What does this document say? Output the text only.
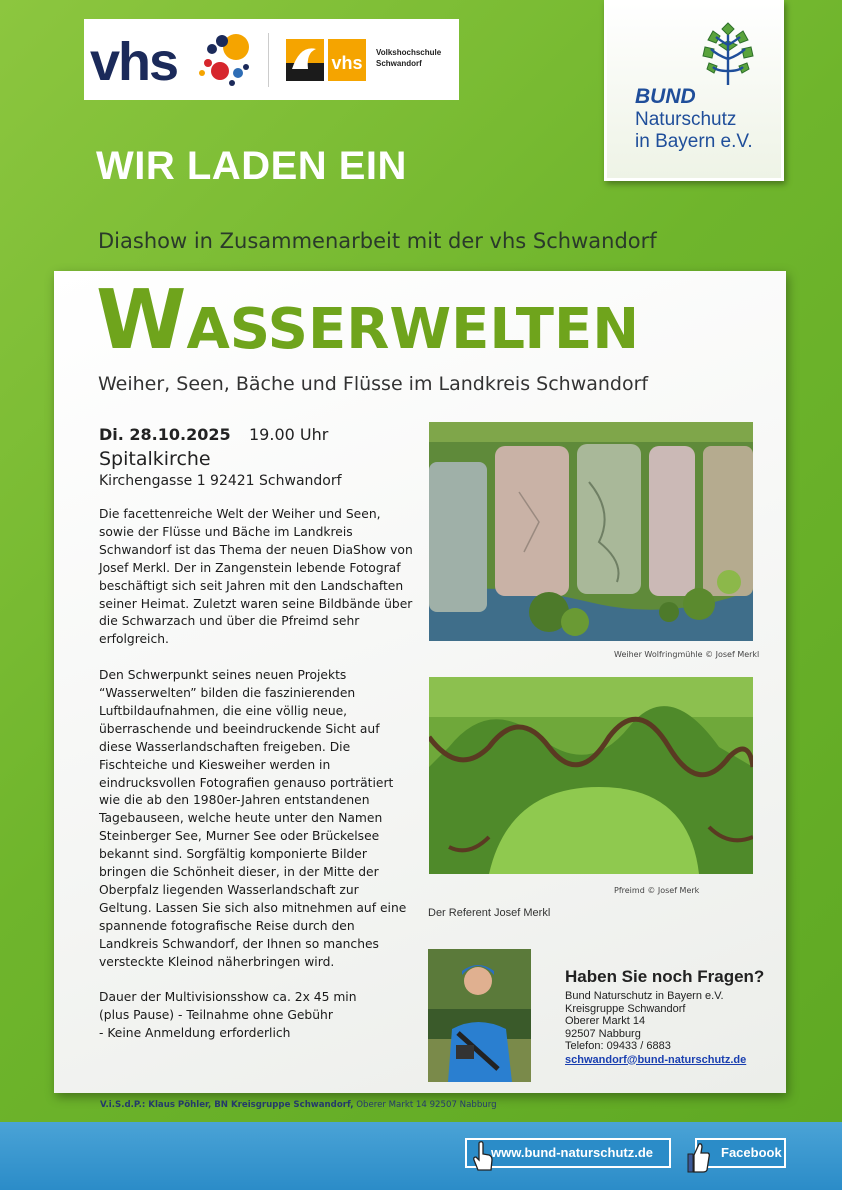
vhs	vhs
Volkshochschule
Schwandorf
BUND
Naturschutz
in Bayern e.V.
WIR LADEN EIN
Diashow in Zusammenarbeit mit der vhs Schwandorf
WASSERWELTEN
Weiher, Seen, Bäche und Flüsse im Landkreis Schwandorf
Di. 28.10.2025 19.00 Uhr
Spitalkirche
Kirchengasse 1 92421 Schwandorf

Die facettenreiche Welt der Weiher und Seen, sowie der Flüsse und Bäche im Landkreis Schwandorf ist das Thema der neuen DiaShow von Josef Merkl. Der in Zangenstein lebende Fotograf beschäftigt sich seit Jahren mit den Landschaften seiner Heimat. Zuletzt waren seine Bildbände über die Schwarzach und über die Pfreimd sehr erfolgreich.

Den Schwerpunkt seines neuen Projekts “Wasserwelten” bilden die faszinierenden Luftbildaufnahmen, die eine völlig neue, überraschende und beeindruckende Sicht auf diese Wasserlandschaften freigeben. Die Fischteiche und Kiesweiher werden in eindrucksvollen Fotografien genauso porträtiert wie die ab den 1980er-Jahren entstandenen Tagebauseen, welche heute unter den Namen Steinberger See, Murner See oder Brückelsee bekannt sind. Sorgfältig komponierte Bilder bringen die Schönheit dieser, in der Mitte der Oberpfalz liegenden Wasserlandschaft zur Geltung. Lassen Sie sich also mitnehmen auf eine spannende fotografische Reise durch den Landkreis Schwandorf, der Ihnen so manches versteckte Kleinod näherbringen wird.

Dauer der Multivisionsshow ca. 2x 45 min
(plus Pause) - Teilnahme ohne Gebühr
- Keine Anmeldung erforderlich
Weiher Wolfringmühle © Josef Merkl
Pfreimd © Josef Merk
Der Referent Josef Merkl
Haben Sie noch Fragen?
Bund Naturschutz in Bayern e.V.
Kreisgruppe Schwandorf
Oberer Markt 14
92507 Nabburg
Telefon: 09433 / 6883
schwandorf@bund-naturschutz.de
V.i.S.d.P.: Klaus Pöhler, BN Kreisgruppe Schwandorf, Oberer Markt 14 92507 Nabburg
www.bund-naturschutz.de	Facebook
